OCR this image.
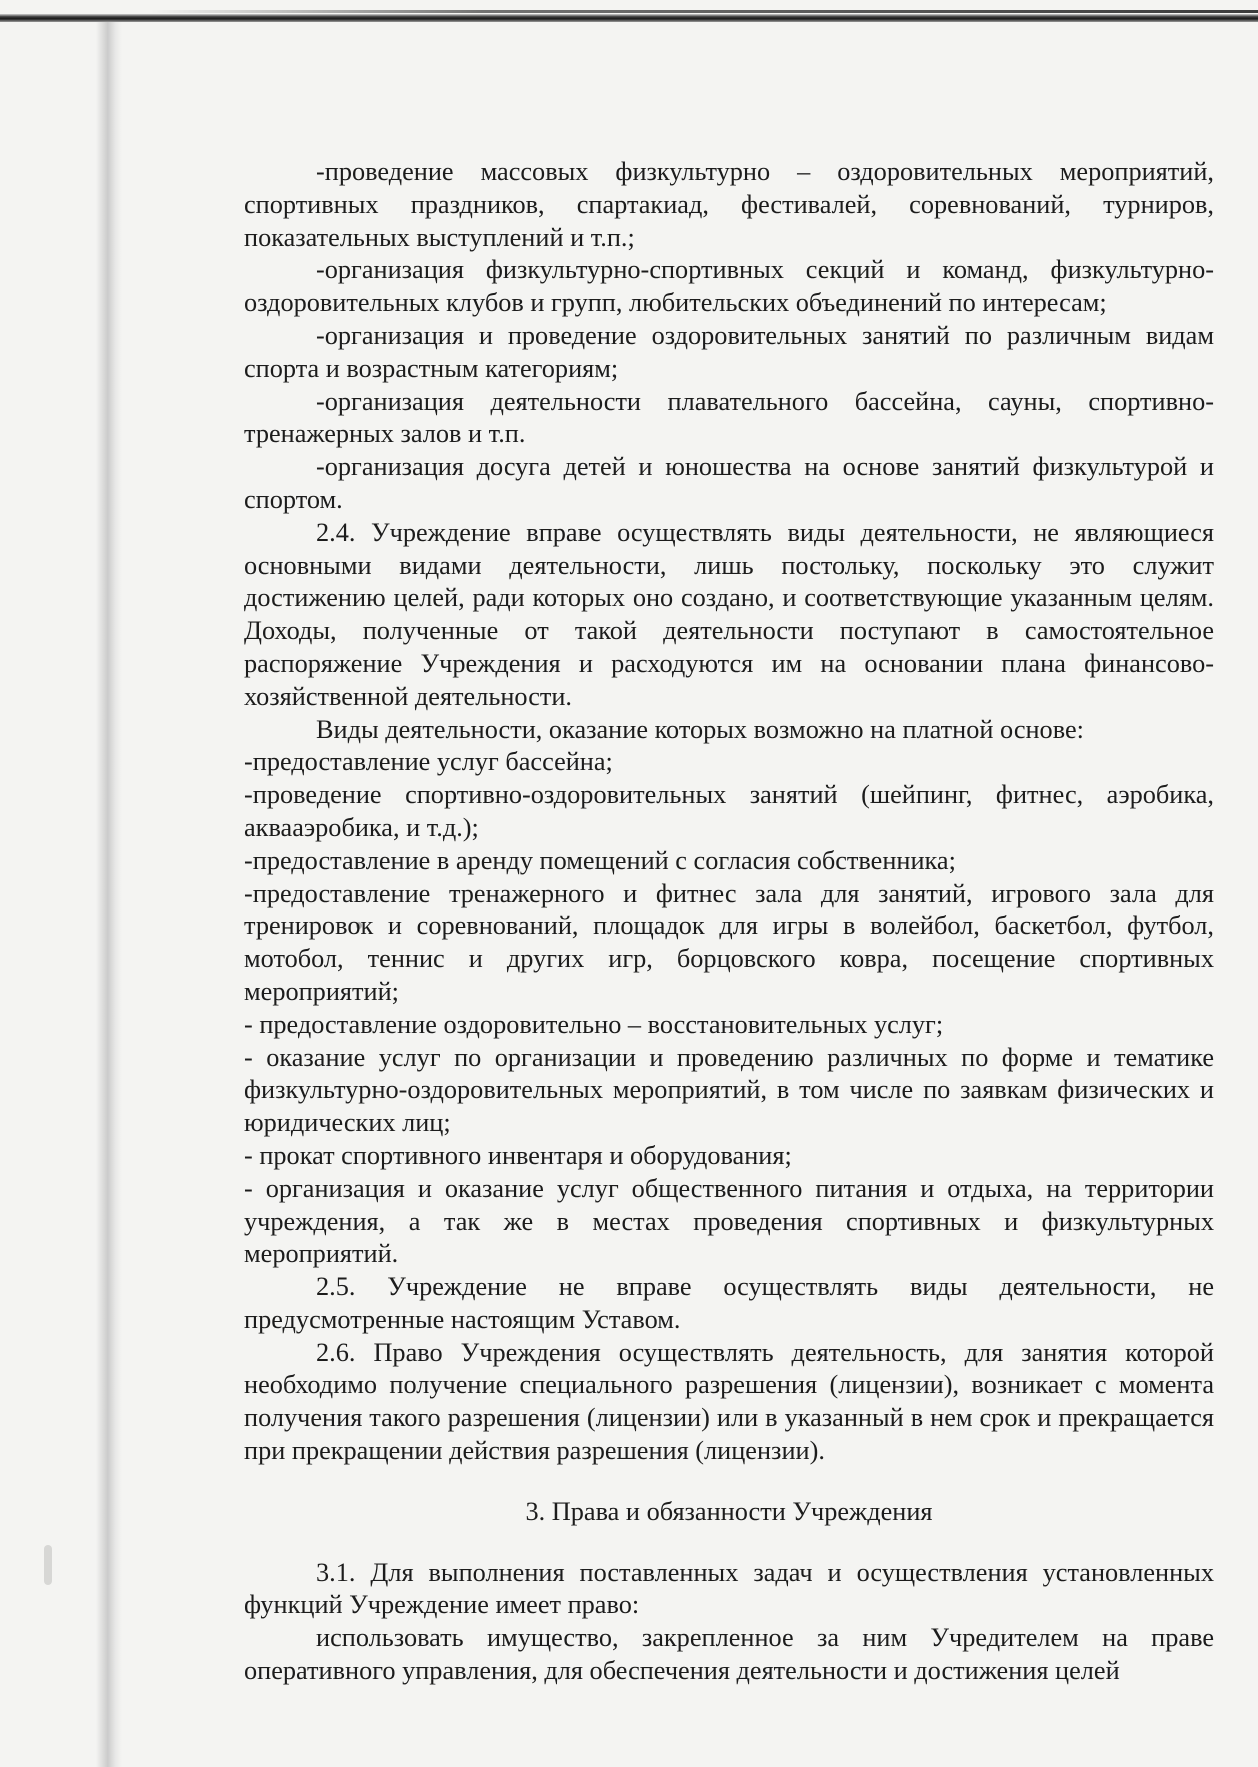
-проведение массовых физкультурно – оздоровительных мероприятий, спортивных праздников, спартакиад, фестивалей, соревнований, турниров, показательных выступлений и т.п.;

-организация физкультурно-спортивных секций и команд, физкультурно-оздоровительных клубов и групп, любительских объединений по интересам;

-организация и проведение оздоровительных занятий по различным видам спорта и возрастным категориям;

-организация деятельности плавательного бассейна, сауны, спортивно-тренажерных залов и т.п.

-организация досуга детей и юношества на основе занятий физкультурой и спортом.

2.4. Учреждение вправе осуществлять виды деятельности, не являющиеся основными видами деятельности, лишь постольку, поскольку это служит достижению целей, ради которых оно создано, и соответствующие указанным целям. Доходы, полученные от такой деятельности поступают в самостоятельное распоряжение Учреждения и расходуются им на основании плана финансово-хозяйственной деятельности.

Виды деятельности, оказание которых возможно на платной основе:

-предоставление услуг бассейна;

-проведение спортивно-оздоровительных занятий (шейпинг, фитнес, аэробика, аквааэробика, и т.д.);

-предоставление в аренду помещений с согласия собственника;

-предоставление тренажерного и фитнес зала для занятий, игрового зала для тренировок и соревнований, площадок для игры в волейбол, баскетбол, футбол, мотобол, теннис и других игр, борцовского ковра, посещение спортивных мероприятий;

- предоставление оздоровительно – восстановительных услуг;

- оказание услуг по организации и проведению различных по форме и тематике физкультурно-оздоровительных мероприятий, в том числе по заявкам физических и юридических лиц;

- прокат спортивного инвентаря и оборудования;

- организация и оказание услуг общественного питания и отдыха, на территории учреждения, а так же в местах проведения спортивных и физкультурных мероприятий.

2.5. Учреждение не вправе осуществлять виды деятельности, не предусмотренные настоящим Уставом.

2.6. Право Учреждения осуществлять деятельность, для занятия которой необходимо получение специального разрешения (лицензии), возникает с момента получения такого разрешения (лицензии) или в указанный в нем срок и прекращается при прекращении действия разрешения (лицензии).

3. Права и обязанности Учреждения

3.1. Для выполнения поставленных задач и осуществления установленных функций Учреждение имеет право:

использовать имущество, закрепленное за ним Учредителем на праве оперативного управления, для обеспечения деятельности и достижения целей
